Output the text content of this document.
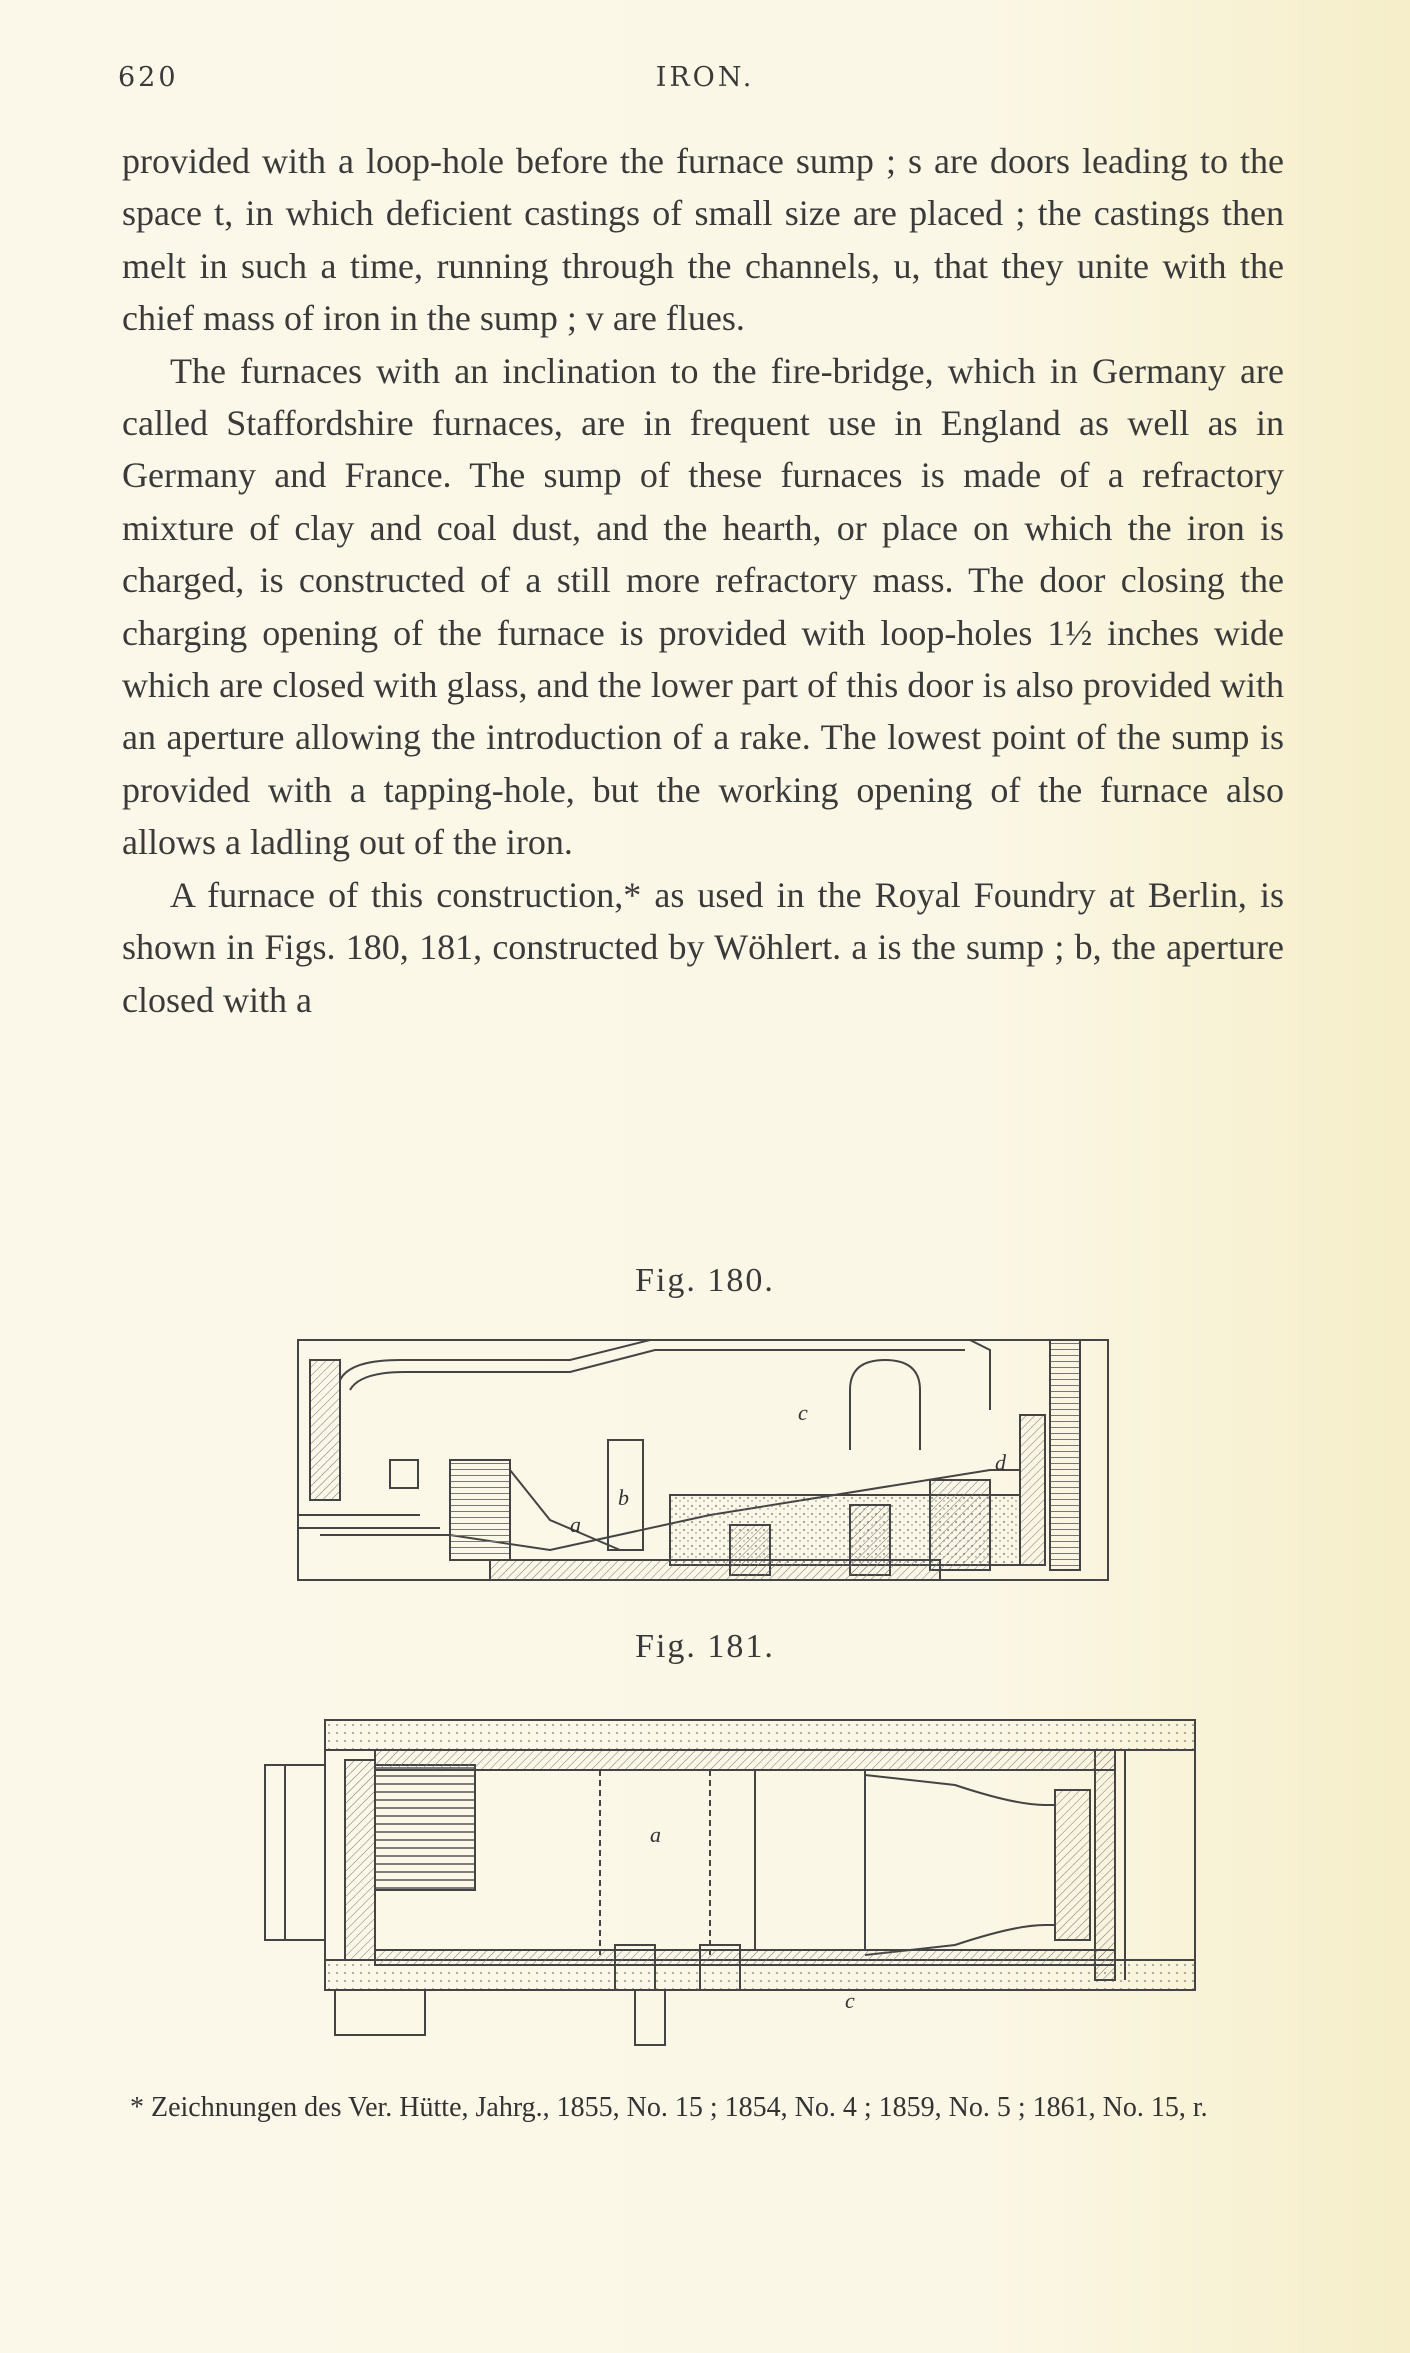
IRON.
620

provided with a loop-hole before the furnace sump ; s are doors leading to the space t, in which deficient castings of small size are placed ; the castings then melt in such a time, running through the channels, u, that they unite with the chief mass of iron in the sump ; v are flues.

The furnaces with an inclination to the fire-bridge, which in Germany are called Staffordshire furnaces, are in frequent use in England as well as in Germany and France. The sump of these furnaces is made of a refractory mixture of clay and coal dust, and the hearth, or place on which the iron is charged, is constructed of a still more refractory mass. The door closing the charging opening of the furnace is provided with loop-holes 1½ inches wide which are closed with glass, and the lower part of this door is also provided with an aperture allowing the introduction of a rake. The lowest point of the sump is provided with a tapping-hole, but the working opening of the furnace also allows a ladling out of the iron.

A furnace of this construction,* as used in the Royal Foundry at Berlin, is shown in Figs. 180, 181, constructed by Wöhlert. a is the sump ; b, the aperture closed with a

Fig. 180.
a
b
c
d
Fig. 181.
a
c
* Zeichnungen des Ver. Hütte, Jahrg., 1855, No. 15 ; 1854, No. 4 ; 1859, No. 5 ; 1861, No. 15, r.
